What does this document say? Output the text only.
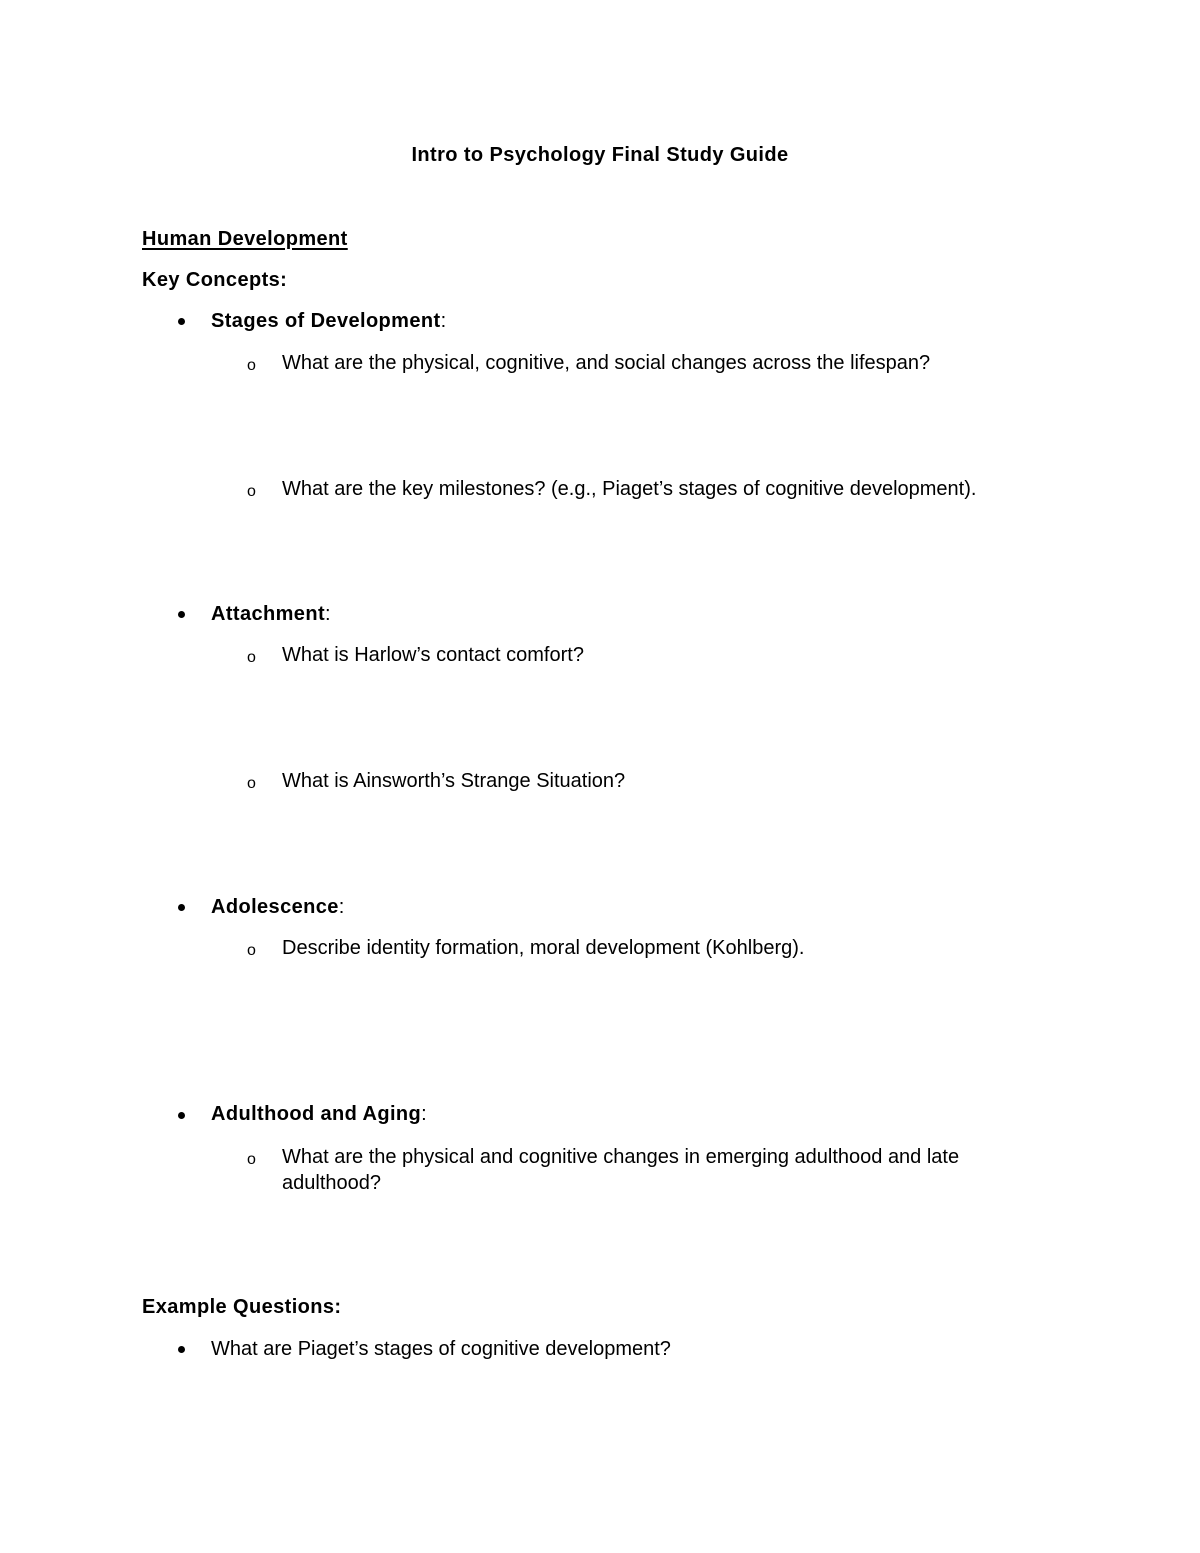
Intro to Psychology Final Study Guide
Human Development
Key Concepts:
Stages of Development:
o What are the physical, cognitive, and social changes across the lifespan?
o What are the key milestones? (e.g., Piaget’s stages of cognitive development).
Attachment:
o What is Harlow’s contact comfort?
o What is Ainsworth’s Strange Situation?
Adolescence:
o Describe identity formation, moral development (Kohlberg).
Adulthood and Aging:
o What are the physical and cognitive changes in emerging adulthood and late adulthood?
Example Questions:
What are Piaget’s stages of cognitive development?
